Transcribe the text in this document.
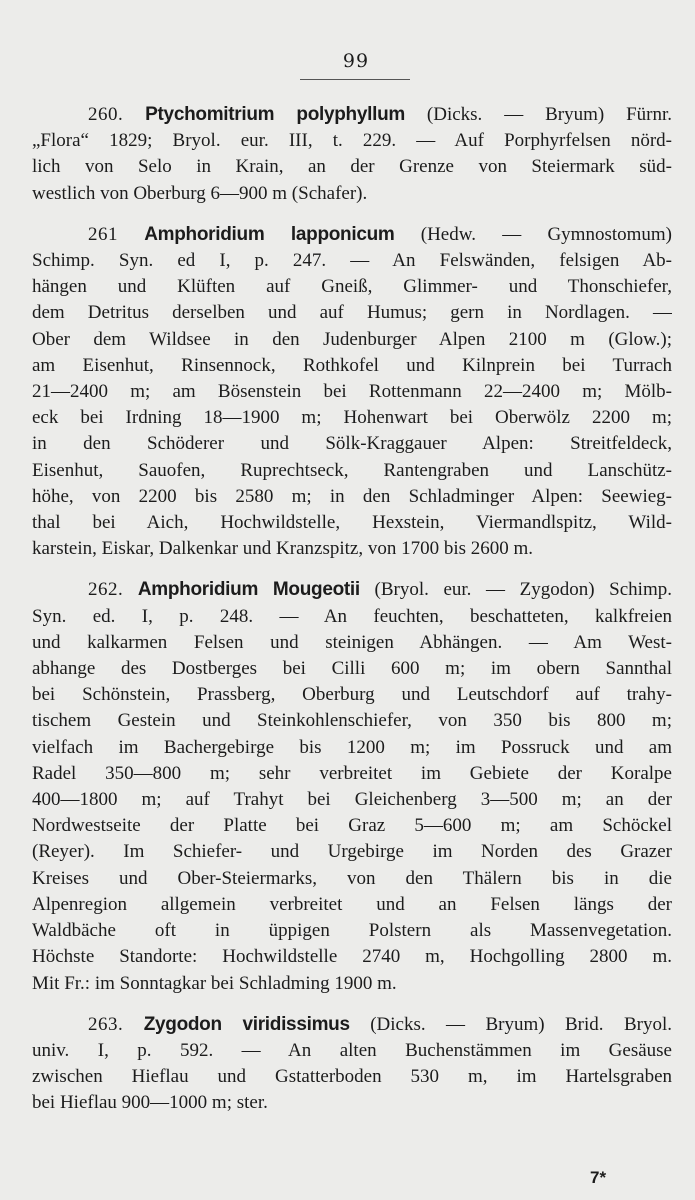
99
260. Ptychomitrium polyphyllum (Dicks. — Bryum) Fürnr.
„Flora“ 1829; Bryol. eur. III, t. 229. — Auf Porphyrfelsen nörd-
lich von Selo in Krain, an der Grenze von Steiermark süd-
westlich von Oberburg 6—900 m (Schafer).
261 Amphoridium lapponicum (Hedw. — Gymnostomum)
Schimp. Syn. ed I, p. 247. — An Felswänden, felsigen Ab-
hängen und Klüften auf Gneiß, Glimmer- und Thonschiefer,
dem Detritus derselben und auf Humus; gern in Nordlagen. —
Ober dem Wildsee in den Judenburger Alpen 2100 m (Glow.);
am Eisenhut, Rinsennock, Rothkofel und Kilnprein bei Turrach
21—2400 m; am Bösenstein bei Rottenmann 22—2400 m; Mölb-
eck bei Irdning 18—1900 m; Hohenwart bei Oberwölz 2200 m;
in den Schöderer und Sölk-Kraggauer Alpen: Streitfeldeck,
Eisenhut, Sauofen, Ruprechtseck, Rantengraben und Lanschütz-
höhe, von 2200 bis 2580 m; in den Schladminger Alpen: Seewieg-
thal bei Aich, Hochwildstelle, Hexstein, Viermandlspitz, Wild-
karstein, Eiskar, Dalkenkar und Kranzspitz, von 1700 bis 2600 m.
262. Amphoridium Mougeotii (Bryol. eur. — Zygodon) Schimp.
Syn. ed. I, p. 248. — An feuchten, beschatteten, kalkfreien
und kalkarmen Felsen und steinigen Abhängen. — Am West-
abhange des Dostberges bei Cilli 600 m; im obern Sannthal
bei Schönstein, Prassberg, Oberburg und Leutschdorf auf trahy-
tischem Gestein und Steinkohlenschiefer, von 350 bis 800 m;
vielfach im Bachergebirge bis 1200 m; im Possruck und am
Radel 350—800 m; sehr verbreitet im Gebiete der Koralpe
400—1800 m; auf Trahyt bei Gleichenberg 3—500 m; an der
Nordwestseite der Platte bei Graz 5—600 m; am Schöckel
(Reyer). Im Schiefer- und Urgebirge im Norden des Grazer
Kreises und Ober-Steiermarks, von den Thälern bis in die
Alpenregion allgemein verbreitet und an Felsen längs der
Waldbäche oft in üppigen Polstern als Massenvegetation.
Höchste Standorte: Hochwildstelle 2740 m, Hochgolling 2800 m.
Mit Fr.: im Sonntagkar bei Schladming 1900 m.
263. Zygodon viridissimus (Dicks. — Bryum) Brid. Bryol.
univ. I, p. 592. — An alten Buchenstämmen im Gesäuse
zwischen Hieflau und Gstatterboden 530 m, im Hartelsgraben
bei Hieflau 900—1000 m; ster.
7*
